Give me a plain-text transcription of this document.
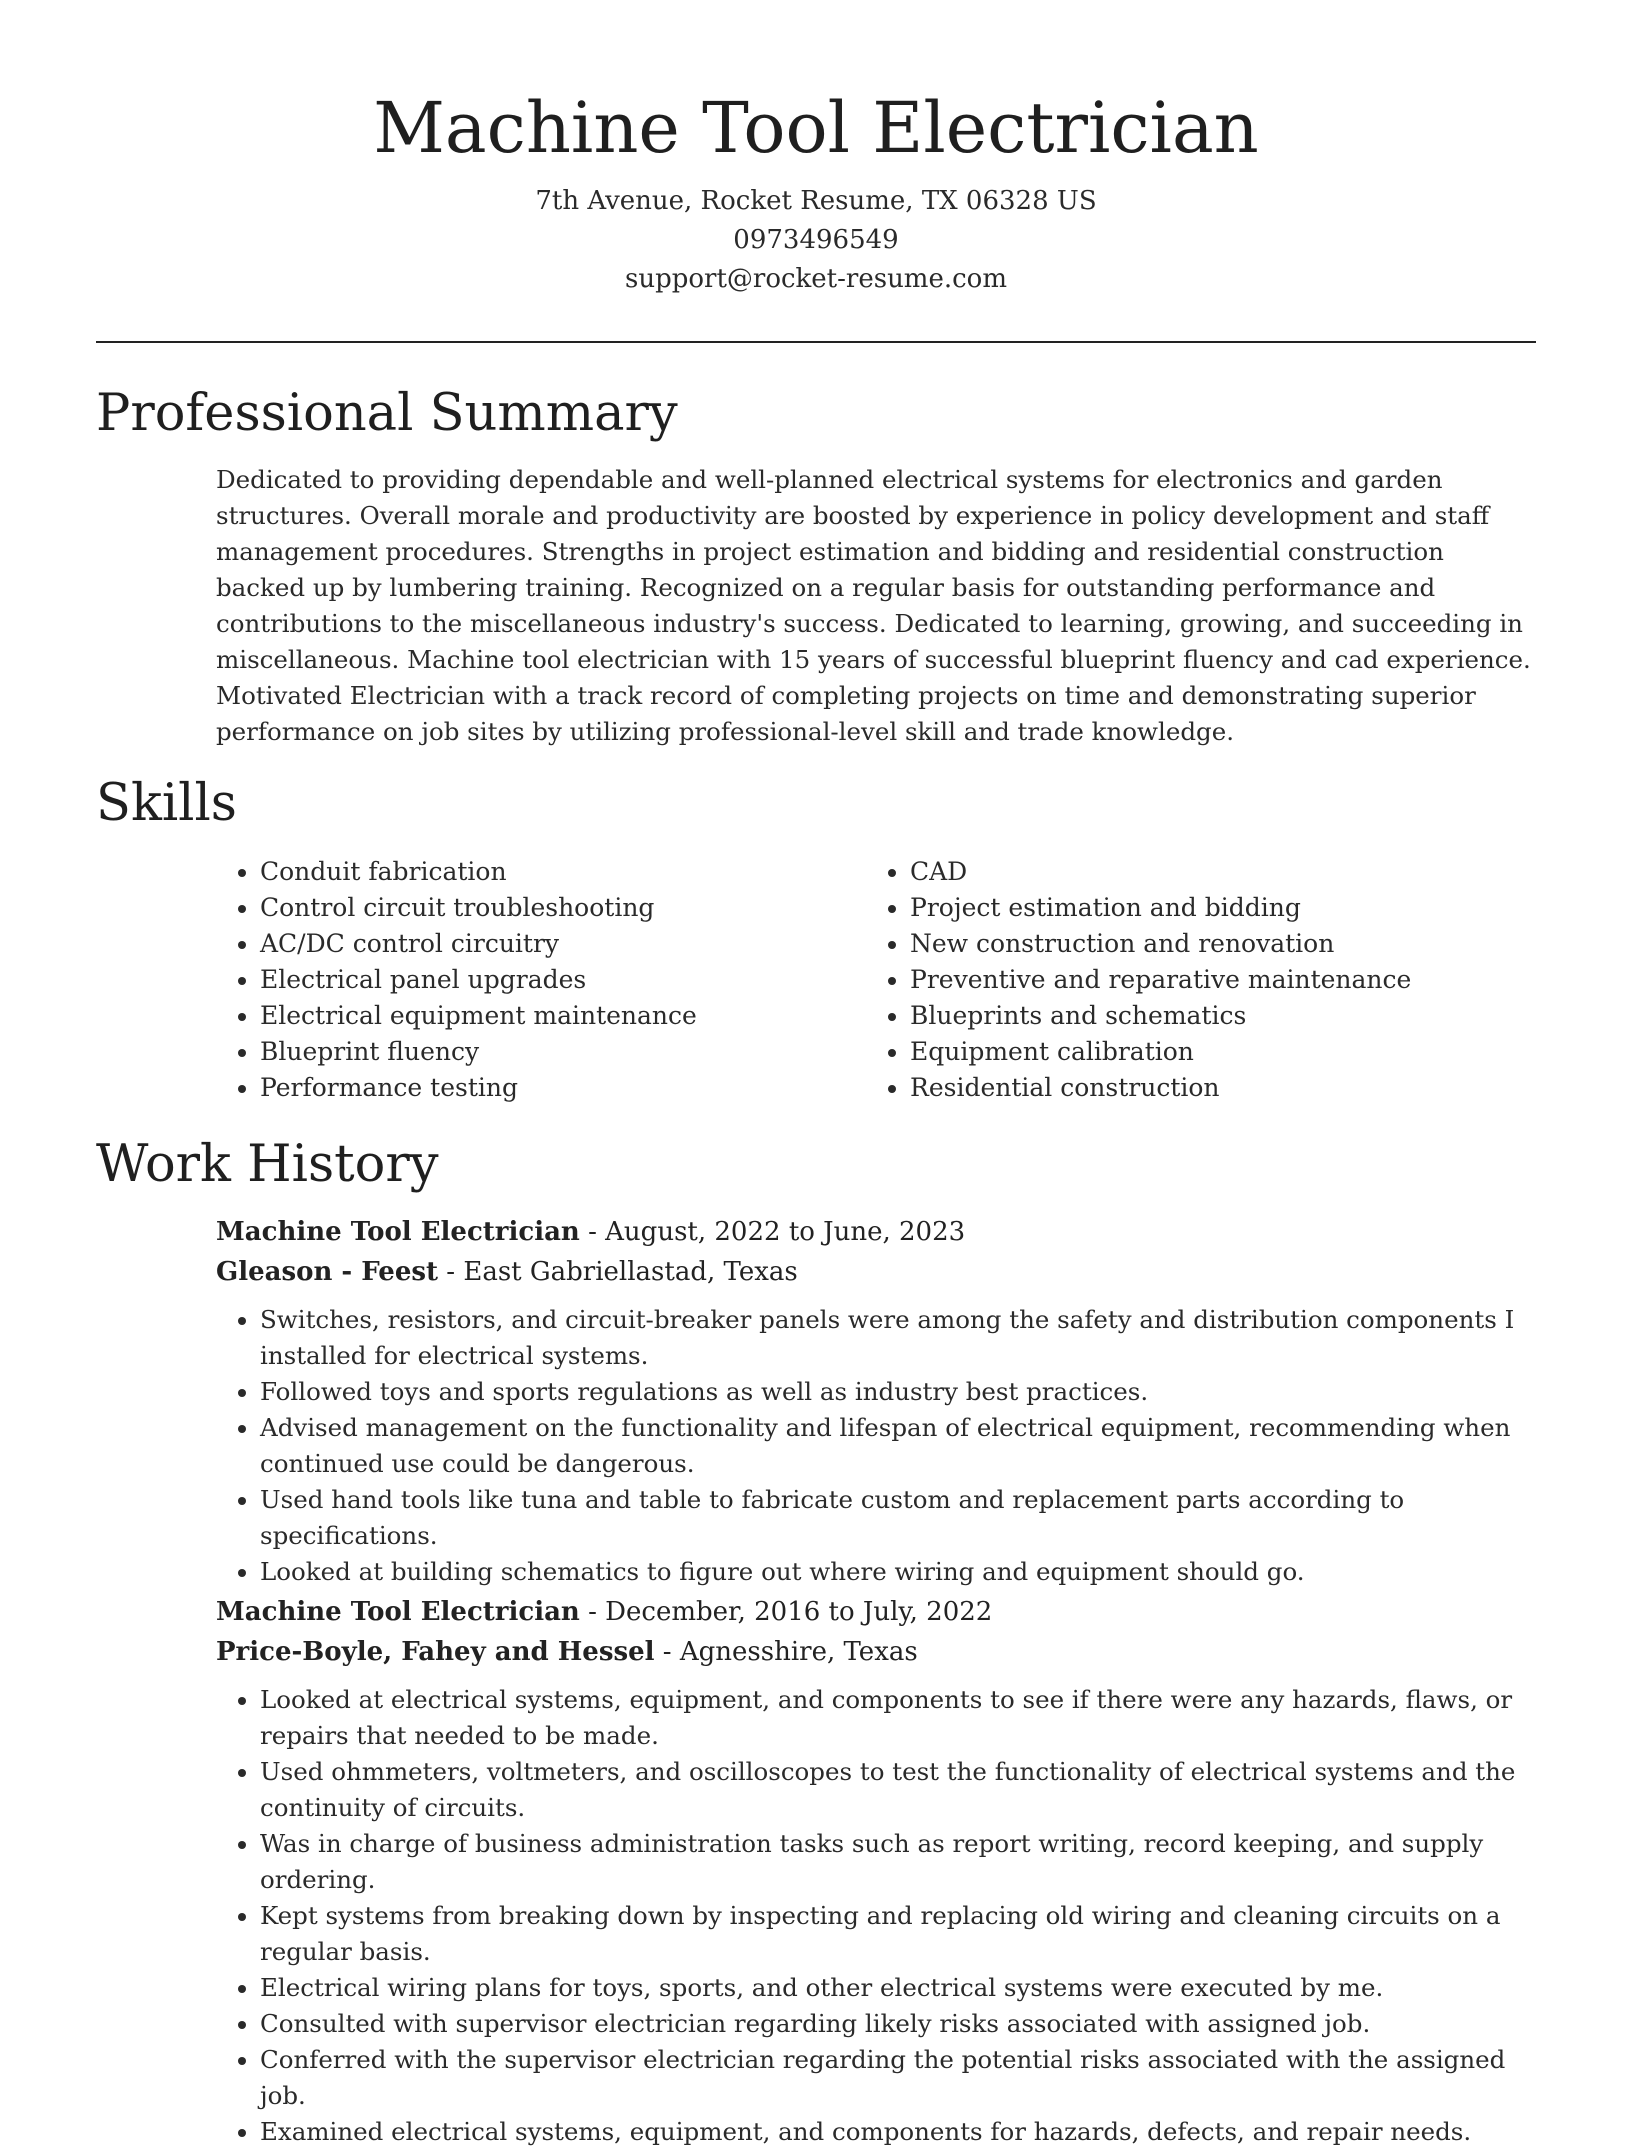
Machine Tool Electrician
7th Avenue, Rocket Resume, TX 06328 US
0973496549
support@rocket-resume.com
Professional Summary
Dedicated to providing dependable and well-planned electrical systems for electronics and garden structures. Overall morale and productivity are boosted by experience in policy development and staff management procedures. Strengths in project estimation and bidding and residential construction backed up by lumbering training. Recognized on a regular basis for outstanding performance and contributions to the miscellaneous industry's success. Dedicated to learning, growing, and succeeding in miscellaneous. Machine tool electrician with 15 years of successful blueprint fluency and cad experience. Motivated Electrician with a track record of completing projects on time and demonstrating superior performance on job sites by utilizing professional-level skill and trade knowledge.
Skills
• Conduit fabrication
• Control circuit troubleshooting
• AC/DC control circuitry
• Electrical panel upgrades
• Electrical equipment maintenance
• Blueprint fluency
• Performance testing
• CAD
• Project estimation and bidding
• New construction and renovation
• Preventive and reparative maintenance
• Blueprints and schematics
• Equipment calibration
• Residential construction
Work History
Machine Tool Electrician - August, 2022 to June, 2023
Gleason - Feest - East Gabriellastad, Texas
• Switches, resistors, and circuit-breaker panels were among the safety and distribution components I installed for electrical systems.
• Followed toys and sports regulations as well as industry best practices.
• Advised management on the functionality and lifespan of electrical equipment, recommending when continued use could be dangerous.
• Used hand tools like tuna and table to fabricate custom and replacement parts according to specifications.
• Looked at building schematics to figure out where wiring and equipment should go.
Machine Tool Electrician - December, 2016 to July, 2022
Price-Boyle, Fahey and Hessel - Agnesshire, Texas
• Looked at electrical systems, equipment, and components to see if there were any hazards, flaws, or repairs that needed to be made.
• Used ohmmeters, voltmeters, and oscilloscopes to test the functionality of electrical systems and the continuity of circuits.
• Was in charge of business administration tasks such as report writing, record keeping, and supply ordering.
• Kept systems from breaking down by inspecting and replacing old wiring and cleaning circuits on a regular basis.
• Electrical wiring plans for toys, sports, and other electrical systems were executed by me.
• Consulted with supervisor electrician regarding likely risks associated with assigned job.
• Conferred with the supervisor electrician regarding the potential risks associated with the assigned job.
• Examined electrical systems, equipment, and components for hazards, defects, and repair needs.
